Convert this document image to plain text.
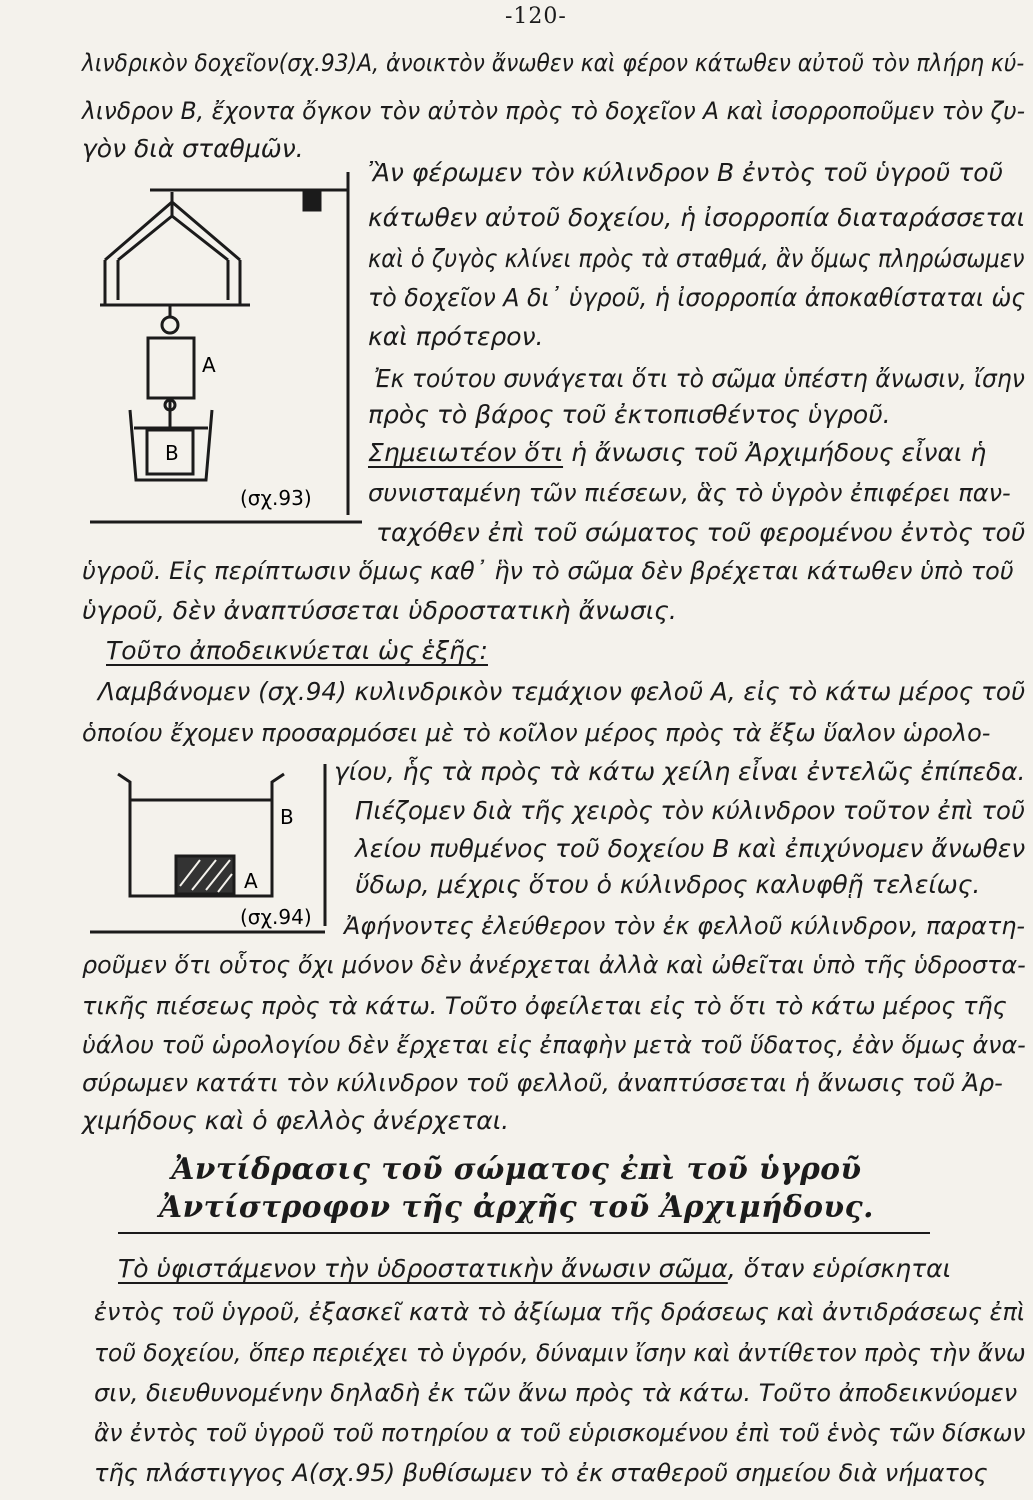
-120-
λινδρικὸν δοχεῖον(σχ.93)Α, ἀνοικτὸν ἄνωθεν καὶ φέρον κάτωθεν αὐτοῦ τὸν πλήρη κύ-
λινδρον Β, ἔχοντα ὄγκον τὸν αὐτὸν πρὸς τὸ δοχεῖον Α καὶ ἰσορροποῦμεν τὸν ζυ-
γὸν διὰ σταθμῶν.
A
B
(σχ.93)
Ἂν φέρωμεν τὸν κύλινδρον Β ἐντὸς τοῦ ὑγροῦ τοῦ
κάτωθεν αὐτοῦ δοχείου, ἡ ἰσορροπία διαταράσσεται
καὶ ὁ ζυγὸς κλίνει πρὸς τὰ σταθμά, ἂν ὅμως πληρώσωμεν
τὸ δοχεῖον Α δι᾽ ὑγροῦ, ἡ ἰσορροπία ἀποκαθίσταται ὡς
καὶ πρότερον.
Ἐκ τούτου συνάγεται ὅτι τὸ σῶμα ὑπέστη ἄνωσιν, ἴσην
πρὸς τὸ βάρος τοῦ ἐκτοπισθέντος ὑγροῦ.
Σημειωτέον ὅτι ἡ ἄνωσις τοῦ Ἀρχιμήδους εἶναι ἡ
συνισταμένη τῶν πιέσεων, ἃς τὸ ὑγρὸν ἐπιφέρει παν-
ταχόθεν ἐπὶ τοῦ σώματος τοῦ φερομένου ἐντὸς τοῦ
ὑγροῦ. Εἰς περίπτωσιν ὅμως καθ᾽ ἣν τὸ σῶμα δὲν βρέχεται κάτωθεν ὑπὸ τοῦ
ὑγροῦ, δὲν ἀναπτύσσεται ὑδροστατικὴ ἄνωσις.
Τοῦτο ἀποδεικνύεται ὡς ἑξῆς:
Λαμβάνομεν (σχ.94) κυλινδρικὸν τεμάχιον φελοῦ Α, εἰς τὸ κάτω μέρος τοῦ
ὁποίου ἔχομεν προσαρμόσει μὲ τὸ κοῖλον μέρος πρὸς τὰ ἔξω ὕαλον ὡρολο-
γίου, ἧς τὰ πρὸς τὰ κάτω χείλη εἶναι ἐντελῶς ἐπίπεδα.
A
B
(σχ.94)
Πιέζομεν διὰ τῆς χειρὸς τὸν κύλινδρον τοῦτον ἐπὶ τοῦ
λείου πυθμένος τοῦ δοχείου Β καὶ ἐπιχύνομεν ἄνωθεν
ὕδωρ, μέχρις ὅτου ὁ κύλινδρος καλυφθῇ τελείως.
Ἀφήνοντες ἐλεύθερον τὸν ἐκ φελλοῦ κύλινδρον, παρατη-
ροῦμεν ὅτι οὗτος ὄχι μόνον δὲν ἀνέρχεται ἀλλὰ καὶ ὠθεῖται ὑπὸ τῆς ὑδροστα-
τικῆς πιέσεως πρὸς τὰ κάτω. Τοῦτο ὀφείλεται εἰς τὸ ὅτι τὸ κάτω μέρος τῆς
ὑάλου τοῦ ὡρολογίου δὲν ἔρχεται εἰς ἐπαφὴν μετὰ τοῦ ὕδατος, ἐὰν ὅμως ἀνα-
σύρωμεν κατάτι τὸν κύλινδρον τοῦ φελλοῦ, ἀναπτύσσεται ἡ ἄνωσις τοῦ Ἀρ-
χιμήδους καὶ ὁ φελλὸς ἀνέρχεται.
Ἀντίδρασις τοῦ σώματος ἐπὶ τοῦ ὑγροῦ
Ἀντίστροφον τῆς ἀρχῆς τοῦ Ἀρχιμήδους.
Τὸ ὑφιστάμενον τὴν ὑδροστατικὴν ἄνωσιν σῶμα, ὅταν εὑρίσκηται
ἐντὸς τοῦ ὑγροῦ, ἐξασκεῖ κατὰ τὸ ἀξίωμα τῆς δράσεως καὶ ἀντιδράσεως ἐπὶ
τοῦ δοχείου, ὅπερ περιέχει τὸ ὑγρόν, δύναμιν ἴσην καὶ ἀντίθετον πρὸς τὴν ἄνω
σιν, διευθυνομένην δηλαδὴ ἐκ τῶν ἄνω πρὸς τὰ κάτω. Τοῦτο ἀποδεικνύομεν
ἂν ἐντὸς τοῦ ὑγροῦ τοῦ ποτηρίου α τοῦ εὑρισκομένου ἐπὶ τοῦ ἑνὸς τῶν δίσκων
τῆς πλάστιγγος Α(σχ.95) βυθίσωμεν τὸ ἐκ σταθεροῦ σημείου διὰ νήματος
